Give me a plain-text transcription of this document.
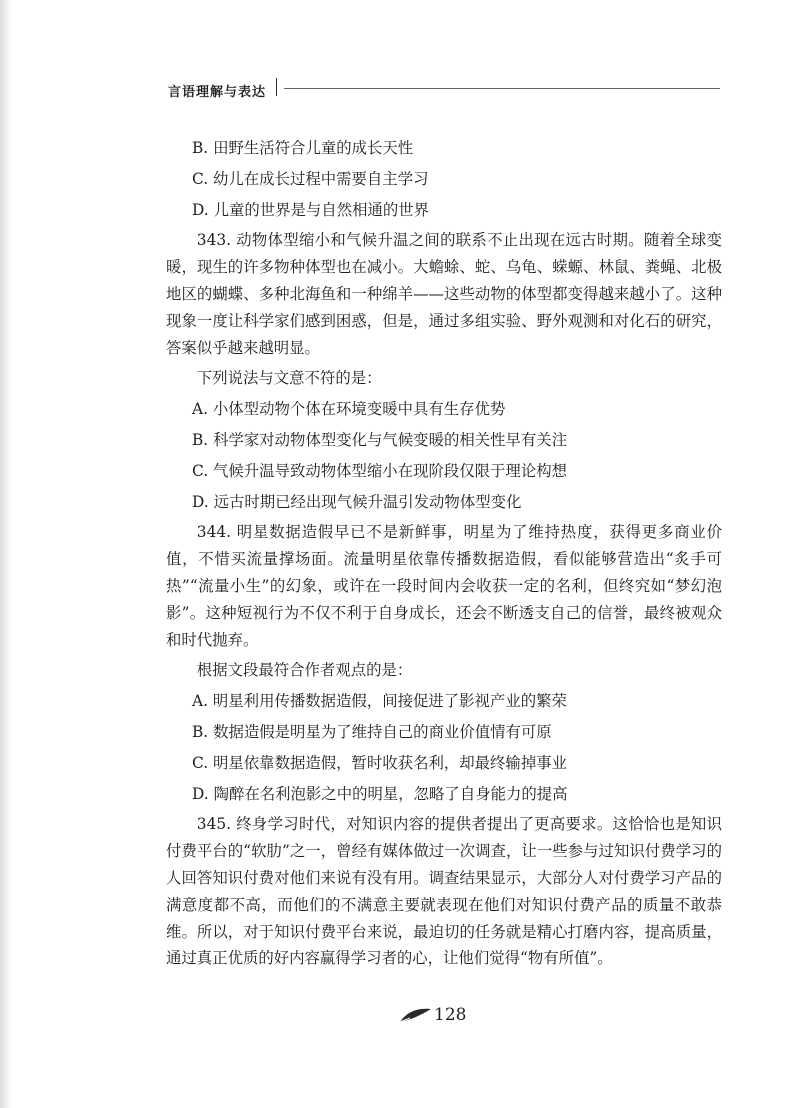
言语理解与表达

B. 田野生活符合儿童的成长天性

C. 幼儿在成长过程中需要自主学习

D. 儿童的世界是与自然相通的世界

343. 动物体型缩小和气候升温之间的联系不止出现在远古时期。随着全球变暖，现生的许多物种体型也在减小。大蟾蜍、蛇、乌龟、蝾螈、林鼠、粪蝇、北极地区的蝴蝶、多种北海鱼和一种绵羊——这些动物的体型都变得越来越小了。这种现象一度让科学家们感到困惑，但是，通过多组实验、野外观测和对化石的研究，答案似乎越来越明显。

下列说法与文意不符的是：

A. 小体型动物个体在环境变暖中具有生存优势

B. 科学家对动物体型变化与气候变暖的相关性早有关注

C. 气候升温导致动物体型缩小在现阶段仅限于理论构想

D. 远古时期已经出现气候升温引发动物体型变化

344. 明星数据造假早已不是新鲜事，明星为了维持热度，获得更多商业价值，不惜买流量撑场面。流量明星依靠传播数据造假，看似能够营造出“炙手可热”“流量小生”的幻象，或许在一段时间内会收获一定的名利，但终究如“梦幻泡影”。这种短视行为不仅不利于自身成长，还会不断透支自己的信誉，最终被观众和时代抛弃。

根据文段最符合作者观点的是：

A. 明星利用传播数据造假，间接促进了影视产业的繁荣

B. 数据造假是明星为了维持自己的商业价值情有可原

C. 明星依靠数据造假，暂时收获名利，却最终输掉事业

D. 陶醉在名利泡影之中的明星，忽略了自身能力的提高

345. 终身学习时代，对知识内容的提供者提出了更高要求。这恰恰也是知识付费平台的“软肋”之一，曾经有媒体做过一次调查，让一些参与过知识付费学习的人回答知识付费对他们来说有没有用。调查结果显示，大部分人对付费学习产品的满意度都不高，而他们的不满意主要就表现在他们对知识付费产品的质量不敢恭维。所以，对于知识付费平台来说，最迫切的任务就是精心打磨内容，提高质量，通过真正优质的好内容赢得学习者的心，让他们觉得“物有所值”。

128
